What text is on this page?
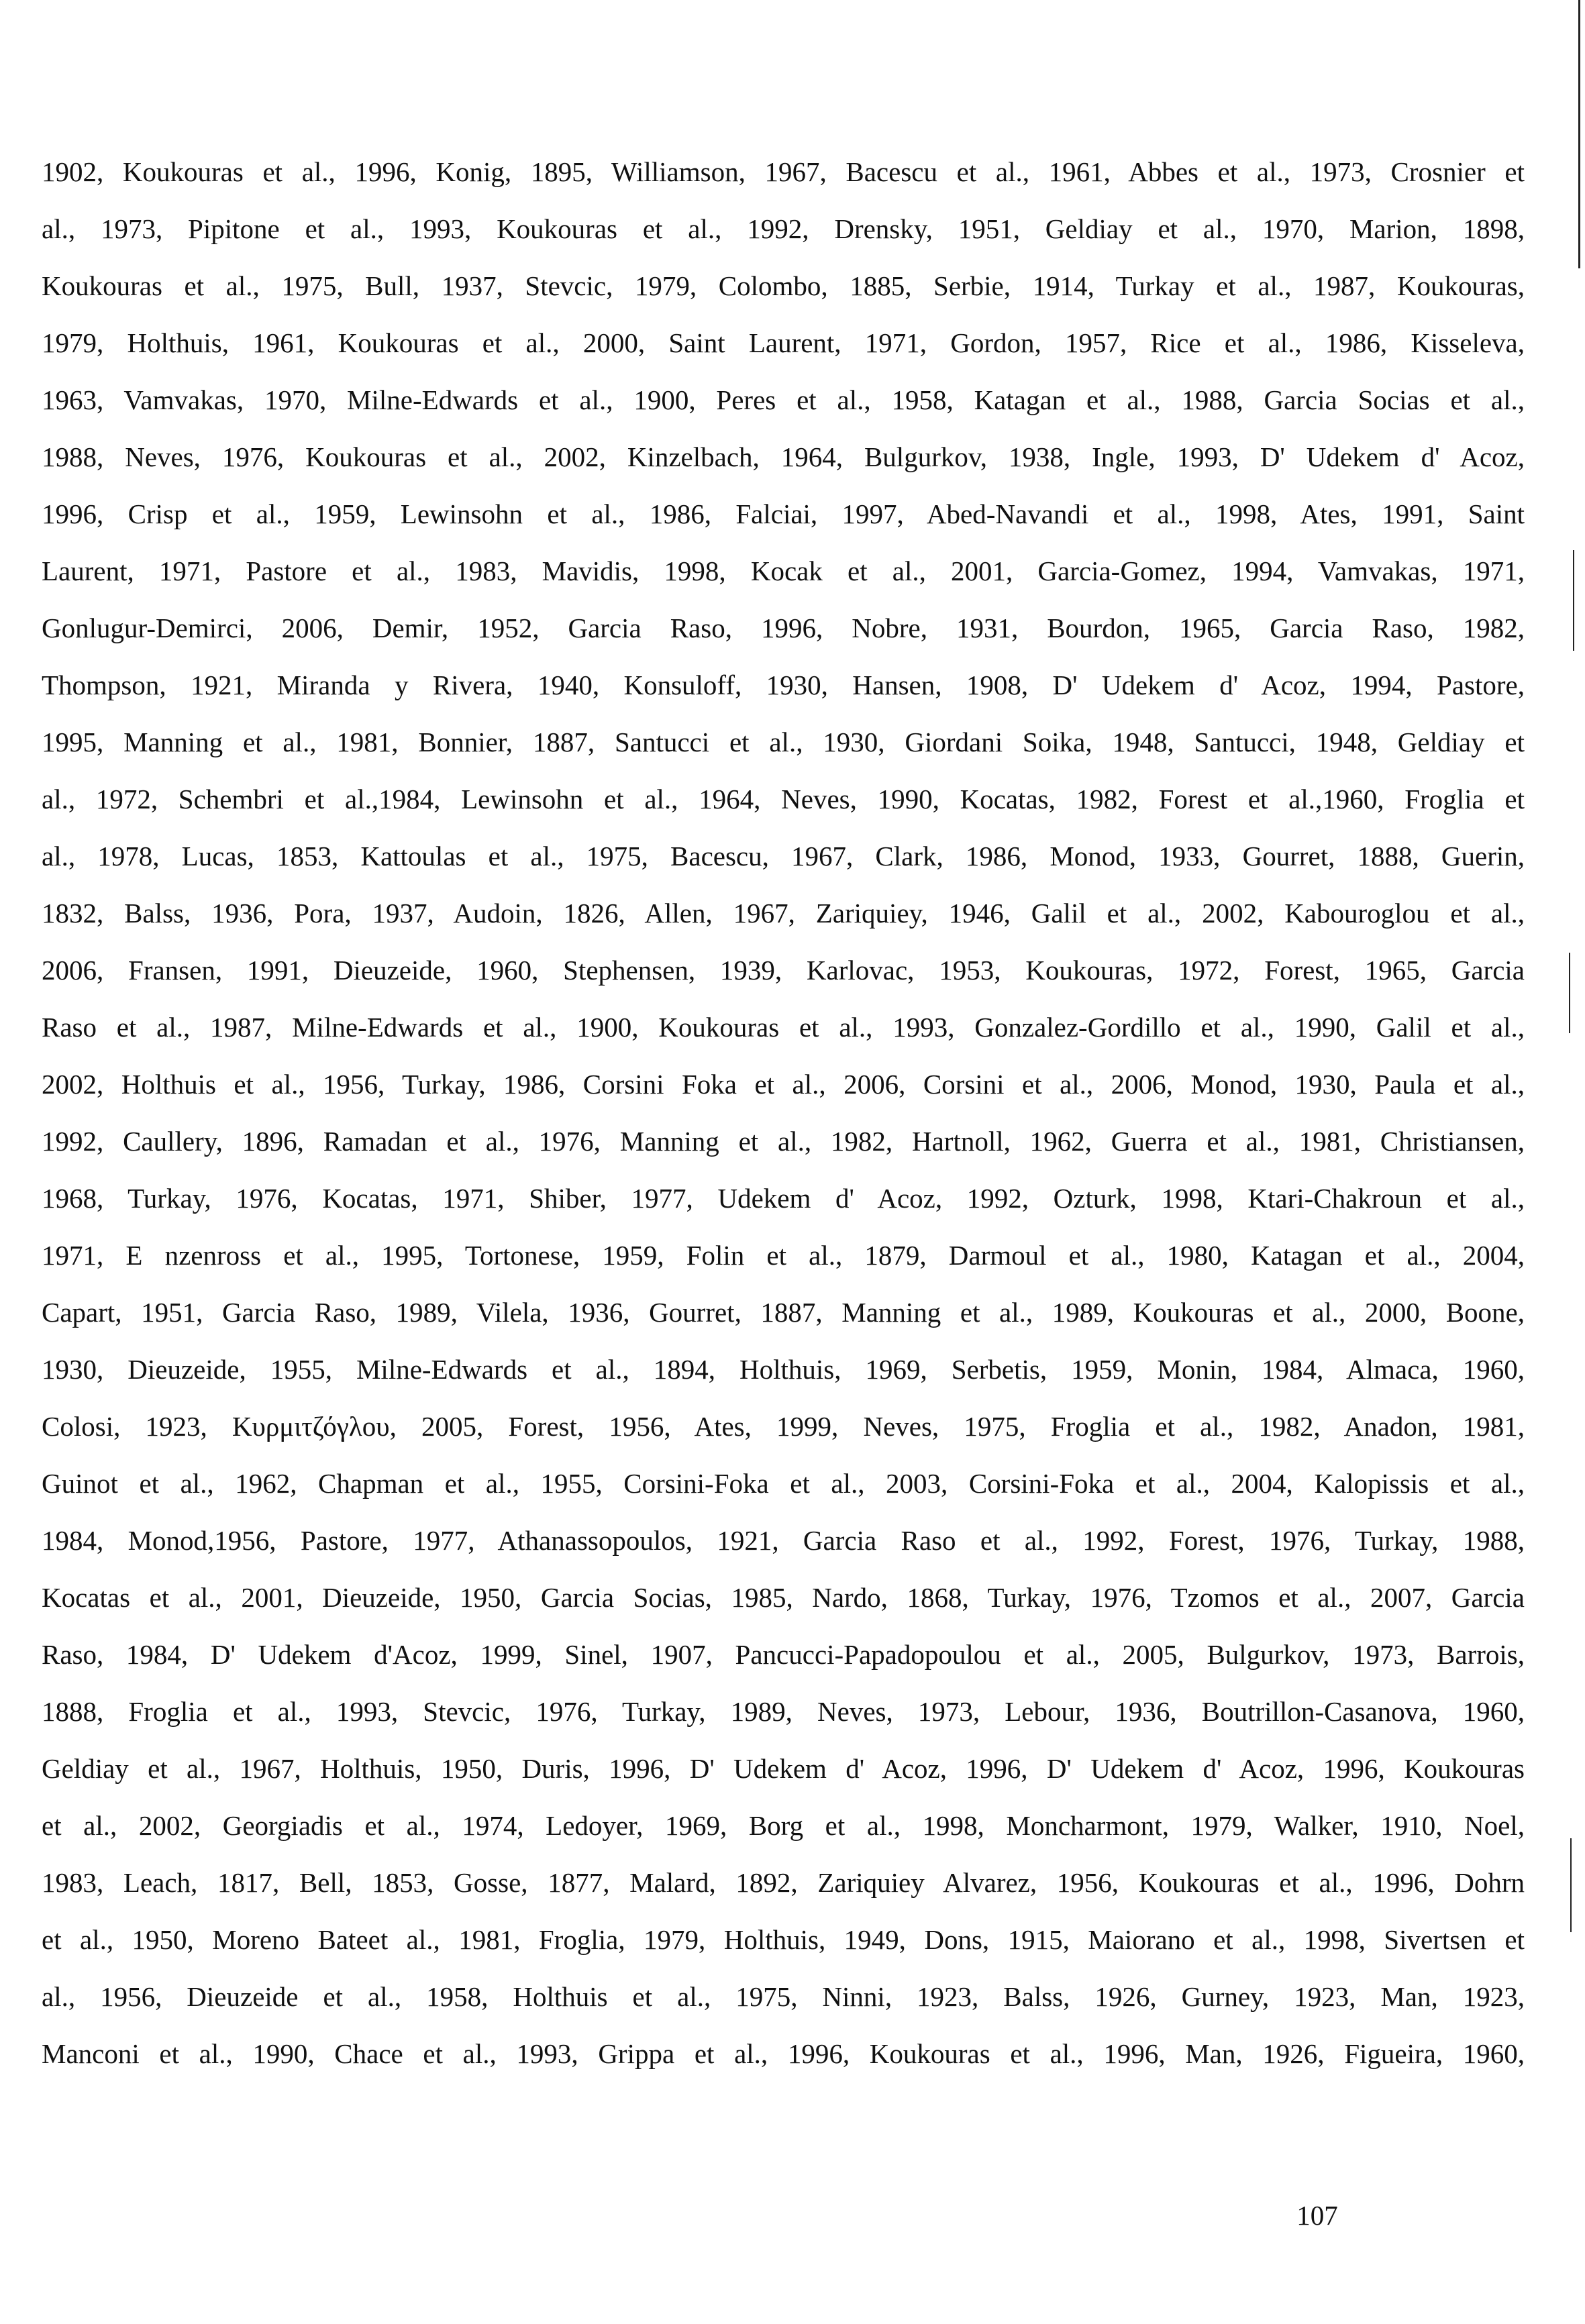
1902, Koukouras et al., 1996, Konig, 1895, Williamson, 1967, Bacescu et al., 1961, Abbes et al., 1973, Crosnier et
al., 1973, Pipitone et al., 1993, Koukouras et al., 1992, Drensky, 1951, Geldiay et al., 1970, Marion, 1898,
Koukouras et al., 1975, Bull, 1937, Stevcic, 1979, Colombo, 1885, Serbie, 1914, Turkay et al., 1987, Koukouras,
1979, Holthuis, 1961, Koukouras et al., 2000, Saint Laurent, 1971, Gordon, 1957, Rice et al., 1986, Kisseleva,
1963, Vamvakas, 1970, Milne-Edwards et al., 1900, Peres et al., 1958, Katagan et al., 1988, Garcia Socias et al.,
1988, Neves, 1976, Koukouras et al., 2002, Kinzelbach, 1964, Bulgurkov, 1938, Ingle, 1993, D' Udekem d' Acoz,
1996, Crisp et al., 1959, Lewinsohn et al., 1986, Falciai, 1997, Abed-Navandi et al., 1998, Ates, 1991, Saint
Laurent, 1971, Pastore et al., 1983, Mavidis, 1998, Kocak et al., 2001, Garcia-Gomez, 1994, Vamvakas, 1971,
Gonlugur-Demirci, 2006, Demir, 1952, Garcia Raso, 1996, Nobre, 1931, Bourdon, 1965, Garcia Raso, 1982,
Thompson, 1921, Miranda y Rivera, 1940, Konsuloff, 1930, Hansen, 1908, D' Udekem d' Acoz, 1994, Pastore,
1995, Manning et al., 1981, Bonnier, 1887, Santucci et al., 1930, Giordani Soika, 1948, Santucci, 1948, Geldiay et
al., 1972, Schembri et al.,1984, Lewinsohn et al., 1964, Neves, 1990, Kocatas, 1982, Forest et al.,1960, Froglia et
al., 1978, Lucas, 1853, Kattoulas et al., 1975, Bacescu, 1967, Clark, 1986, Monod, 1933, Gourret, 1888, Guerin,
1832, Balss, 1936, Pora, 1937, Audoin, 1826, Allen, 1967, Zariquiey, 1946, Galil et al., 2002, Kabouroglou et al.,
2006, Fransen, 1991, Dieuzeide, 1960, Stephensen, 1939, Karlovac, 1953, Koukouras, 1972, Forest, 1965, Garcia
Raso et al., 1987, Milne-Edwards et al., 1900, Koukouras et al., 1993, Gonzalez-Gordillo et al., 1990, Galil et al.,
2002, Holthuis et al., 1956, Turkay, 1986, Corsini Foka et al., 2006, Corsini et al., 2006, Monod, 1930, Paula et al.,
1992, Caullery, 1896, Ramadan et al., 1976, Manning et al., 1982, Hartnoll, 1962, Guerra et al., 1981, Christiansen,
1968, Turkay, 1976, Kocatas, 1971, Shiber, 1977, Udekem d' Acoz, 1992, Ozturk, 1998, Ktari-Chakroun et al.,
1971, E nzenross et al., 1995, Tortonese, 1959, Folin et al., 1879, Darmoul et al., 1980, Katagan et al., 2004,
Capart, 1951, Garcia Raso, 1989, Vilela, 1936, Gourret, 1887, Manning et al., 1989, Koukouras et al., 2000, Boone,
1930, Dieuzeide, 1955, Milne-Edwards et al., 1894, Holthuis, 1969, Serbetis, 1959, Monin, 1984, Almaca, 1960,
Colosi, 1923, Κυρμιτζόγλου, 2005, Forest, 1956, Ates, 1999, Neves, 1975, Froglia et al., 1982, Anadon, 1981,
Guinot et al., 1962, Chapman et al., 1955, Corsini-Foka et al., 2003, Corsini-Foka et al., 2004, Kalopissis et al.,
1984, Monod,1956, Pastore, 1977, Athanassopoulos, 1921, Garcia Raso et al., 1992, Forest, 1976, Turkay, 1988,
Kocatas et al., 2001, Dieuzeide, 1950, Garcia Socias, 1985, Nardo, 1868, Turkay, 1976, Tzomos et al., 2007, Garcia
Raso, 1984, D' Udekem d'Acoz, 1999, Sinel, 1907, Pancucci-Papadopoulou et al., 2005, Bulgurkov, 1973, Barrois,
1888, Froglia et al., 1993, Stevcic, 1976, Turkay, 1989, Neves, 1973, Lebour, 1936, Boutrillon-Casanova, 1960,
Geldiay et al., 1967, Holthuis, 1950, Duris, 1996, D' Udekem d' Acoz, 1996, D' Udekem d' Acoz, 1996, Koukouras
et al., 2002, Georgiadis et al., 1974, Ledoyer, 1969, Borg et al., 1998, Moncharmont, 1979, Walker, 1910, Noel,
1983, Leach, 1817, Bell, 1853, Gosse, 1877, Malard, 1892, Zariquiey Alvarez, 1956, Koukouras et al., 1996, Dohrn
et al., 1950, Moreno Bateet al., 1981, Froglia, 1979, Holthuis, 1949, Dons, 1915, Maiorano et al., 1998, Sivertsen et
al., 1956, Dieuzeide et al., 1958, Holthuis et al., 1975, Ninni, 1923, Balss, 1926, Gurney, 1923, Man, 1923,
Manconi et al., 1990, Chace et al., 1993, Grippa et al., 1996, Koukouras et al., 1996, Man, 1926, Figueira, 1960,
107
